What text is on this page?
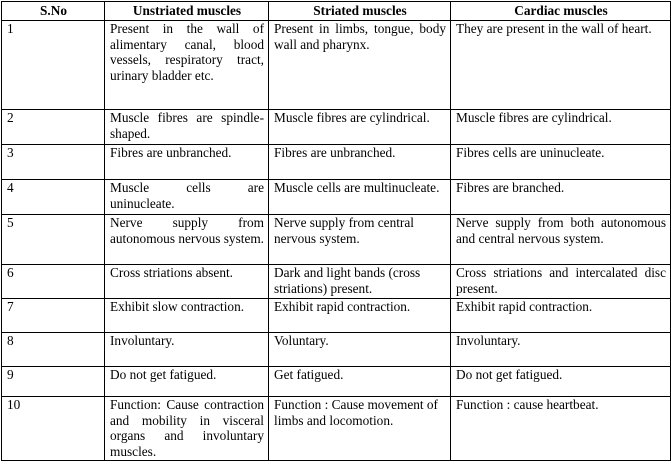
S.No	Unstriated muscles	Striated muscles	Cardiac muscles
1	Present in the wall of alimentary canal, blood vessels, respiratory tract, urinary bladder etc.	Present in limbs, tongue, body wall and pharynx.	They are present in the wall of heart.
2	Muscle fibres are spindle-shaped.	Muscle fibres are cylindrical.	Muscle fibres are cylindrical.
3	Fibres are unbranched.	Fibres are unbranched.	Fibres cells are uninucleate.
4	Muscle cells are uninucleate.	Muscle cells are multinucleate.	Fibres are branched.
5	Nerve supply from autonomous nervous system.	Nerve supply from central nervous system.	Nerve supply from both autonomous and central nervous system.
6	Cross striations absent.	Dark and light bands (cross striations) present.	Cross striations and intercalated disc present.
7	Exhibit slow contraction.	Exhibit rapid contraction.	Exhibit rapid contraction.
8	Involuntary.	Voluntary.	Involuntary.
9	Do not get fatigued.	Get fatigued.	Do not get fatigued.
10	Function: Cause contraction and mobility in visceral organs and involuntary muscles.	Function : Cause movement of limbs and locomotion.	Function : cause heartbeat.
